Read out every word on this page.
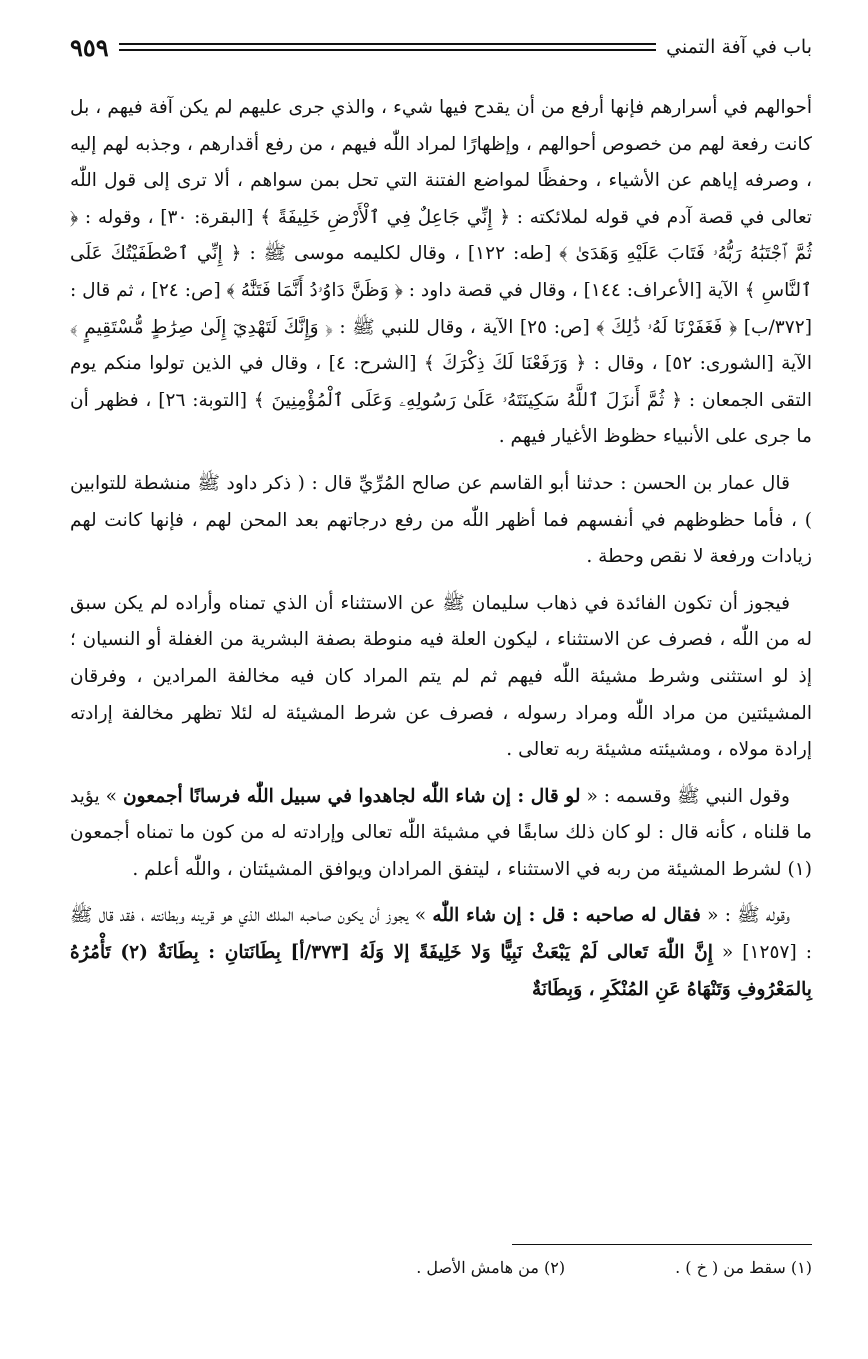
باب في آفة التمني
٩٥٩

أحوالهم في أسرارهم فإنها أرفع من أن يقدح فيها شيء ، والذي جرى عليهم لم يكن آفة فيهم ، بل كانت رفعة لهم من خصوص أحوالهم ، وإظهارًا لمراد اللّٰه فيهم ، من رفع أقدارهم ، وجذبه لهم إليه ، وصرفه إياهم عن الأشياء ، وحفظًا لمواضع الفتنة التي تحل بمن سواهم ، ألا ترى إلى قول اللّٰه تعالى في قصة آدم في قوله لملائكته : ﴿ إِنِّي جَاعِلٌ فِي ٱلْأَرْضِ خَلِيفَةً ﴾ [البقرة: ٣٠] ، وقوله : ﴿ ثُمَّ ٱجْتَبَٰهُ رَبُّهُۥ فَتَابَ عَلَيْهِ وَهَدَىٰ ﴾ [طه: ١٢٢] ، وقال لكليمه موسى ﷺ : ﴿ إِنِّي ٱصْطَفَيْتُكَ عَلَى ٱلنَّاسِ ﴾ الآية [الأعراف: ١٤٤] ، وقال في قصة داود : ﴿ وَظَنَّ دَاوُۥدُ أَنَّمَا فَتَنَّٰهُ ﴾ [ص: ٢٤] ، ثم قال : [٣٧٢/ب] ﴿ فَغَفَرْنَا لَهُۥ ذَٰلِكَ ﴾ [ص: ٢٥] الآية ، وقال للنبي ﷺ : ﴿ وَإِنَّكَ لَتَهْدِيٓ إِلَىٰ صِرَٰطٍ مُّسْتَقِيمٍ ﴾ الآية [الشورى: ٥٢] ، وقال : ﴿ وَرَفَعْنَا لَكَ ذِكْرَكَ ﴾ [الشرح: ٤] ، وقال في الذين تولوا منكم يوم التقى الجمعان : ﴿ ثُمَّ أَنزَلَ ٱللَّهُ سَكِينَتَهُۥ عَلَىٰ رَسُولِهِۦ وَعَلَى ٱلْمُؤْمِنِينَ ﴾ [التوبة: ٢٦] ، فظهر أن ما جرى على الأنبياء حظوظ الأغيار فيهم .

قال عمار بن الحسن : حدثنا أبو القاسم عن صالح المُرِّيِّ قال : ( ذكر داود ﷺ منشطة للتوابين ) ، فأما حظوظهم في أنفسهم فما أظهر اللّٰه من رفع درجاتهم بعد المحن لهم ، فإنها كانت لهم زيادات ورفعة لا نقص وحطة .

فيجوز أن تكون الفائدة في ذهاب سليمان ﷺ عن الاستثناء أن الذي تمناه وأراده لم يكن سبق له من اللّٰه ، فصرف عن الاستثناء ، ليكون العلة فيه منوطة بصفة البشرية من الغفلة أو النسيان ؛ إذ لو استثنى وشرط مشيئة اللّٰه فيهم ثم لم يتم المراد كان فيه مخالفة المرادين ، وفرقان المشيئتين من مراد اللّٰه ومراد رسوله ، فصرف عن شرط المشيئة له لئلا تظهر مخالفة إرادته إرادة مولاه ، ومشيئته مشيئة ربه تعالى .

وقول النبي ﷺ وقسمه : « لو قال : إن شاء اللّٰه لجاهدوا في سبيل اللّٰه فرسانًا أجمعون » يؤيد ما قلناه ، كأنه قال : لو كان ذلك سابقًا في مشيئة اللّٰه تعالى وإرادته له من كون ما تمناه أجمعون (١) لشرط المشيئة من ربه في الاستثناء ، ليتفق المرادان ويوافق المشيئتان ، واللّٰه أعلم .

وقوله ﷺ : « فقال له صاحبه : قل : إن شاء اللّٰه » يجوز أن يكون صاحبه الملك الذي هو قرينه وبطانته ، فقد قال ﷺ : [١٢٥٧] « إِنَّ اللّٰهَ تَعالى لَمْ يَبْعَثْ نَبِيًّا وَلا خَلِيفَةً إلا وَلَهُ [٣٧٣/أ] بِطَانَتانِ : بِطَانَةٌ (٢) تَأْمُرُهُ بِالمَعْرُوفِ وَتَنْهَاهُ عَنِ المُنْكَرِ ، وَبِطَانَةٌ

(١) سقط من ( خ ) .
(٢) من هامش الأصل .
